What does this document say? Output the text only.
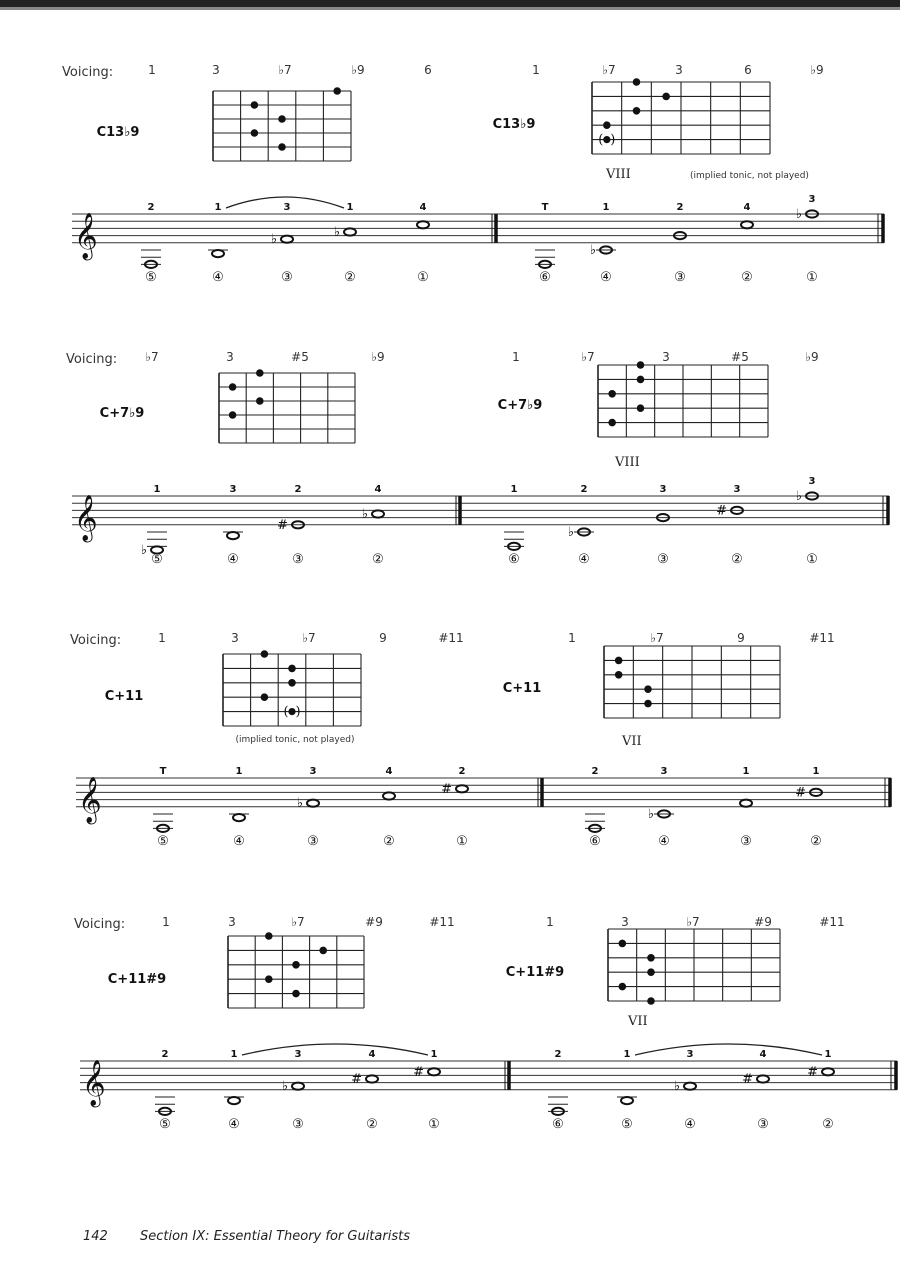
Voicing:	1	3	♭7	♭9	6
C13♭9
1	♭7	3	6	♭9
C13♭9
( )
VIII	(implied tonic, not played)
𝄞
2
⑤
1
④
♭
3
③
♭
1
②
4
①
T
⑥
♭
1
④
2
③
4
②
♭
3
①
Voicing: ♭7	3	#5	♭9
C+7♭9
1	♭7	3	#5	♭9
C+7♭9
VIII
𝄞
♭
1
⑤
3
④
#
2
③
♭
4
②
1
⑥
♭
2
④
3
③
#
3
②
♭
3
①
Voicing:	1	3	♭7	9	#11
C+11
( )
(implied tonic, not played)
1	♭7	9	#11
C+11
VII
𝄞
T
⑤
1
④
♭
3
③
4
②
#
2
①
2
⑥
♭
3
④
1
③
#
1
②
Voicing:	1	3	♭7	#9	#11
C+11#9
1	3	♭7	#9	#11
C+11#9
VII
𝄞
2
⑤
1
④
♭
3
③
#
4
②
#
1
①
2
⑥
1
⑤
♭
3
④
#
4
③
#
1
②
142 Section IX: Essential Theory for Guitarists
